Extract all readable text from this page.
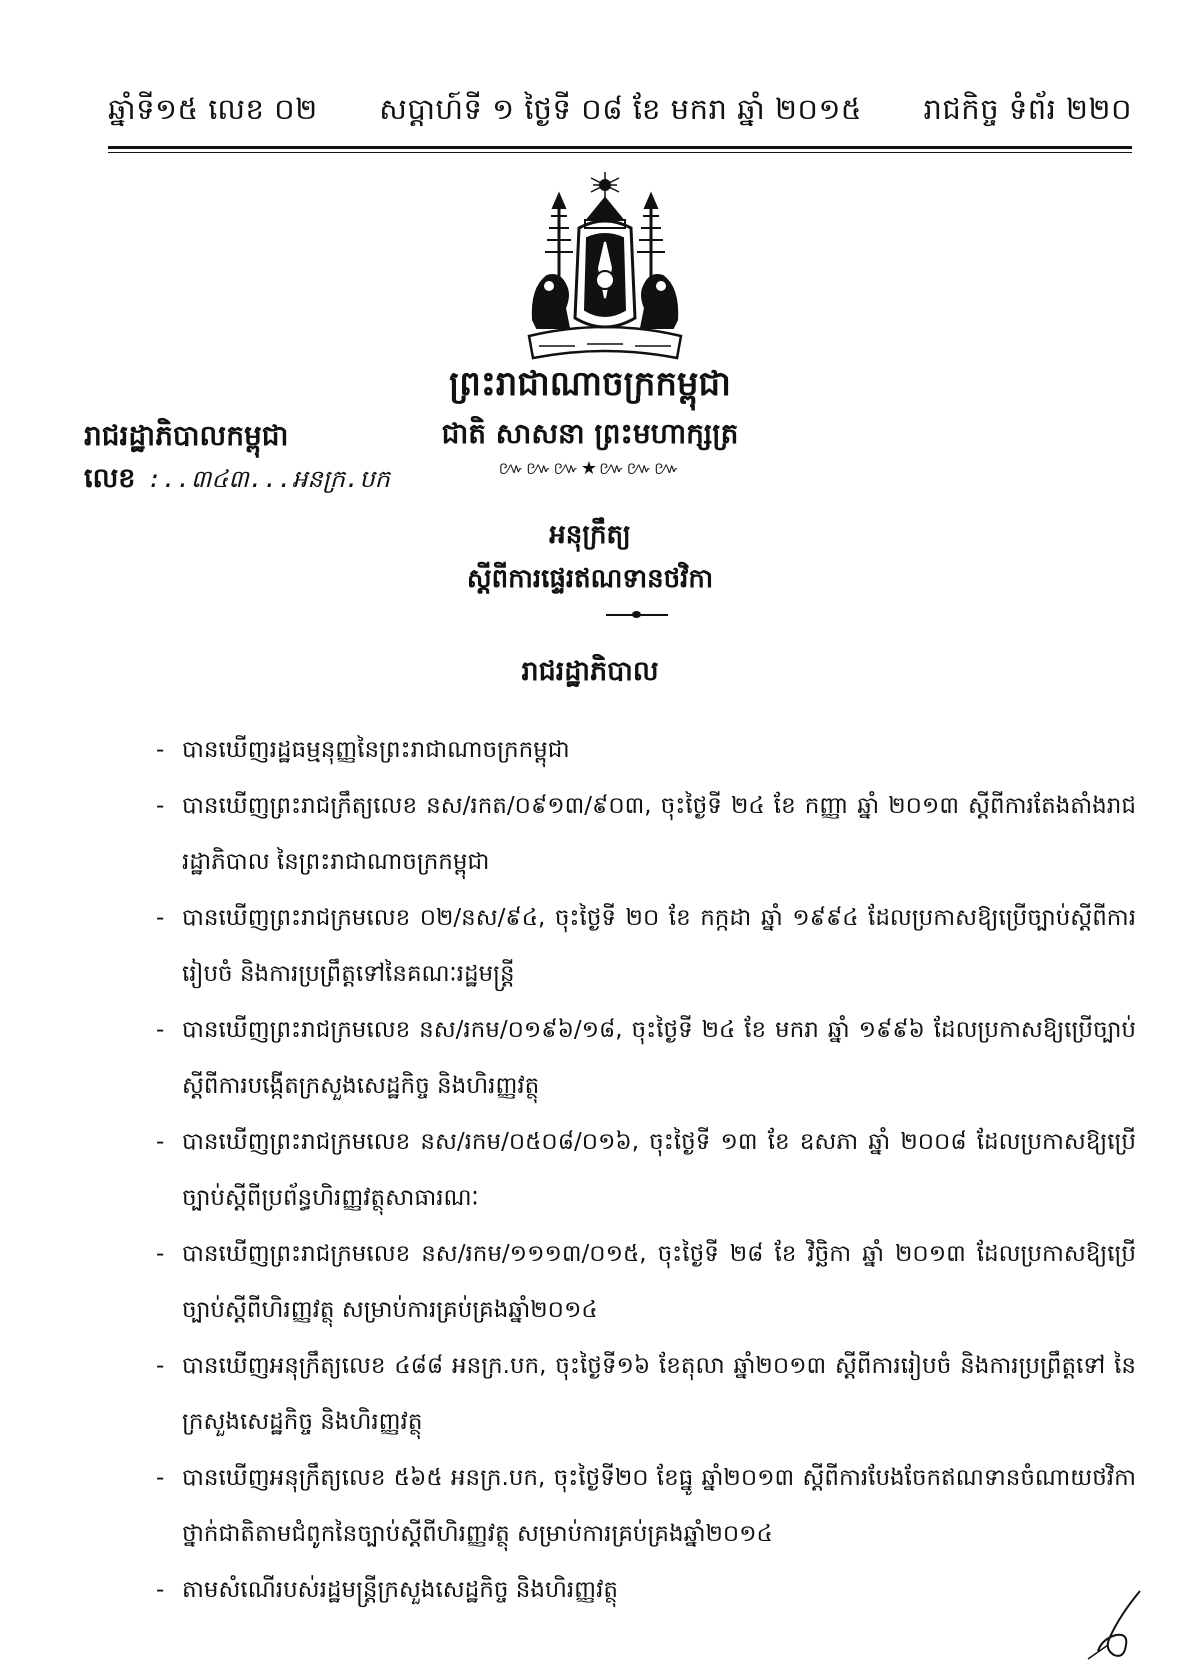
ឆ្នាំទី១៥ លេខ ០២ សប្តាហ៍ទី ១ ថ្ងៃទី ០៨ ខែ មករា ឆ្នាំ ២០១៥ រាជកិច្ច ទំព័រ ២២០
ព្រះរាជាណាចក្រកម្ពុជា
រាជរដ្ឋាភិបាលកម្ពុជា	ជាតិ សាសនា ព្រះមហាក្សត្រ
៚៚៚★៚៚៚
លេខ :..៣៤៣...អនក្រ.បក
អនុក្រឹត្យ
ស្តីពីការផ្ទេរឥណទានថវិកា
រាជរដ្ឋាភិបាល
- បានឃើញរដ្ឋធម្មនុញ្ញនៃព្រះរាជាណាចក្រកម្ពុជា
- បានឃើញព្រះរាជក្រឹត្យលេខ នស/រកត/០៩១៣/៩០៣, ចុះថ្ងៃទី ២៤ ខែ កញ្ញា ឆ្នាំ ២០១៣ ស្តីពីការតែងតាំងរាជរដ្ឋាភិបាល នៃព្រះរាជាណាចក្រកម្ពុជា
- បានឃើញព្រះរាជក្រមលេខ ០២/នស/៩៤, ចុះថ្ងៃទី ២០ ខែ កក្កដា ឆ្នាំ ១៩៩៤ ដែលប្រកាសឱ្យប្រើច្បាប់ស្តីពីការរៀបចំ និងការប្រព្រឹត្តទៅនៃគណៈរដ្ឋមន្ត្រី
- បានឃើញព្រះរាជក្រមលេខ នស/រកម/០១៩៦/១៨, ចុះថ្ងៃទី ២៤ ខែ មករា ឆ្នាំ ១៩៩៦ ដែលប្រកាសឱ្យប្រើច្បាប់ស្តីពីការបង្កើតក្រសួងសេដ្ឋកិច្ច និងហិរញ្ញវត្ថុ
- បានឃើញព្រះរាជក្រមលេខ នស/រកម/០៥០៨/០១៦, ចុះថ្ងៃទី ១៣ ខែ ឧសភា ឆ្នាំ ២០០៨ ដែលប្រកាសឱ្យប្រើច្បាប់ស្តីពីប្រព័ន្ធហិរញ្ញវត្ថុសាធារណៈ
- បានឃើញព្រះរាជក្រមលេខ នស/រកម/១១១៣/០១៥, ចុះថ្ងៃទី ២៨ ខែ វិច្ឆិកា ឆ្នាំ ២០១៣ ដែលប្រកាសឱ្យប្រើច្បាប់ស្តីពីហិរញ្ញវត្ថុ សម្រាប់ការគ្រប់គ្រងឆ្នាំ២០១៤
- បានឃើញអនុក្រឹត្យលេខ ៤៨៨ អនក្រ.បក, ចុះថ្ងៃទី១៦ ខែតុលា ឆ្នាំ២០១៣ ស្តីពីការរៀបចំ និងការប្រព្រឹត្តទៅ នៃក្រសួងសេដ្ឋកិច្ច និងហិរញ្ញវត្ថុ
- បានឃើញអនុក្រឹត្យលេខ ៥៦៥ អនក្រ.បក, ចុះថ្ងៃទី២០ ខែធ្នូ ឆ្នាំ២០១៣ ស្តីពីការបែងចែកឥណទានចំណាយថវិកាថ្នាក់ជាតិតាមជំពូកនៃច្បាប់ស្តីពីហិរញ្ញវត្ថុ សម្រាប់ការគ្រប់គ្រងឆ្នាំ២០១៤
- តាមសំណើរបស់រដ្ឋមន្ត្រីក្រសួងសេដ្ឋកិច្ច និងហិរញ្ញវត្ថុ
